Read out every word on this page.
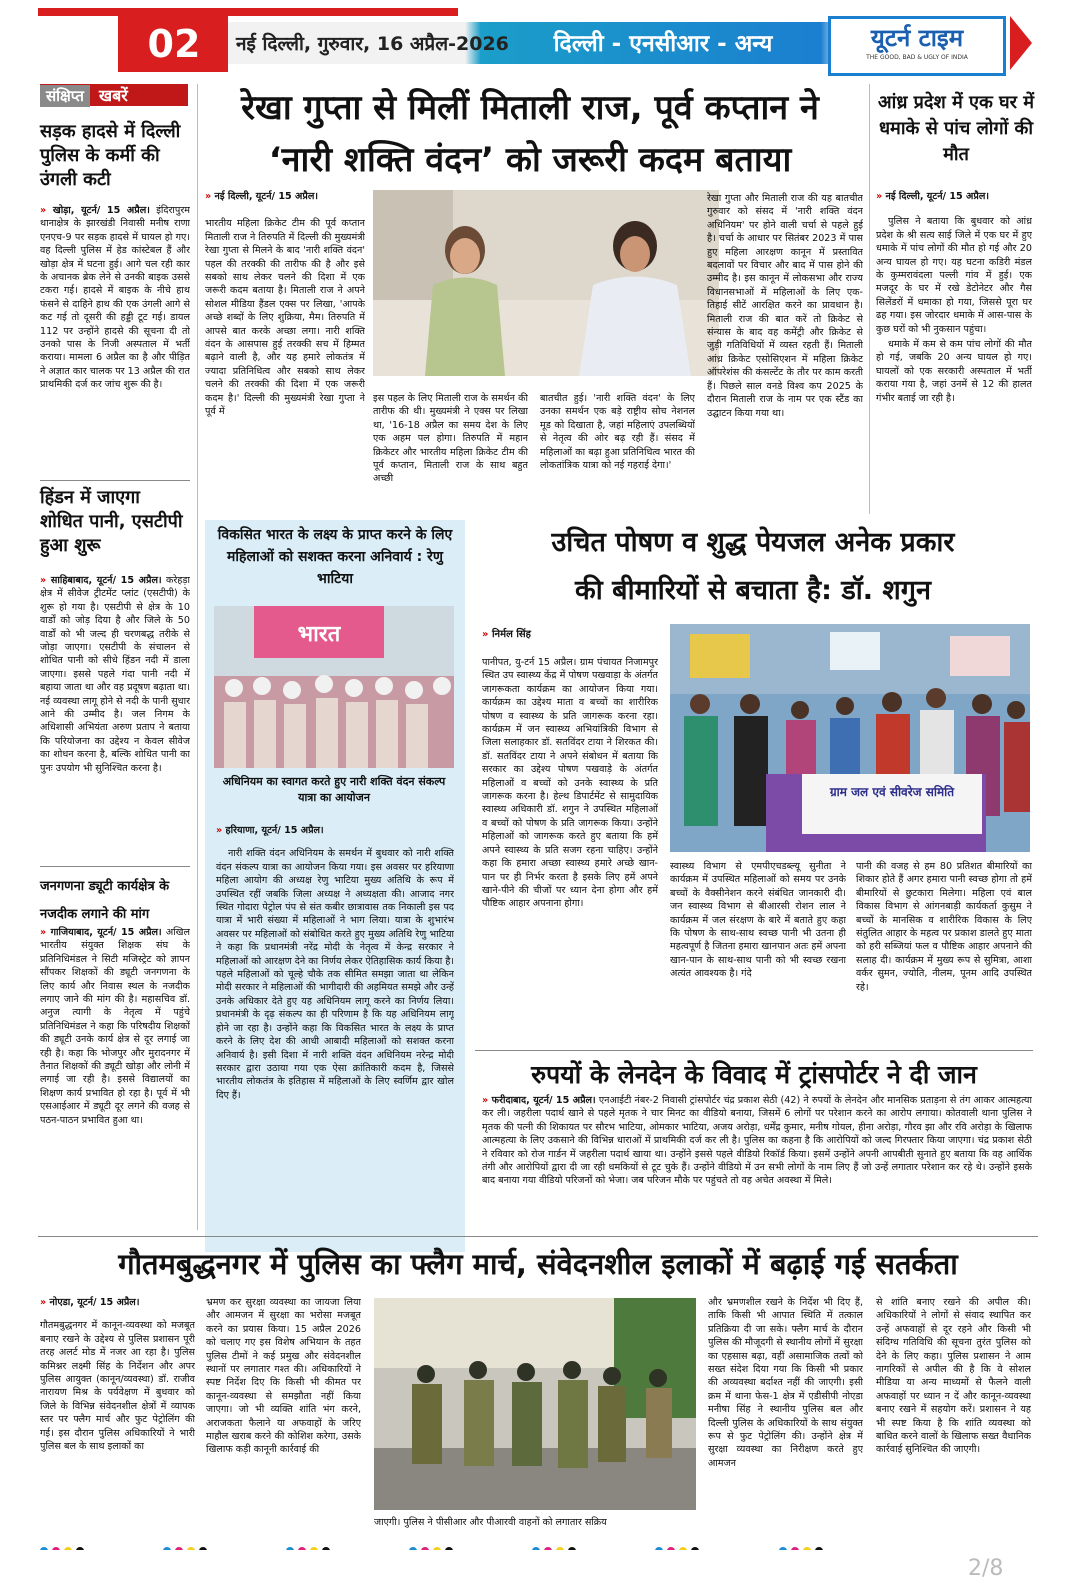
02	नई दिल्ली, गुरुवार, 16 अप्रैल-2026	दिल्ली - एनसीआर - अन्य	यूटर्न टाइम
THE GOOD, BAD & UGLY OF INDIA
संक्षिप्त खबरें
सड़क हादसे में दिल्ली पुलिस के कर्मी की उंगली कटी
» खोड़ा, यूटर्न/ 15 अप्रैल। इंदिरापुरम थानाक्षेत्र के झारखंडी निवासी मनीष राणा एनएच-9 पर सड़क हादसे में घायल हो गए। वह दिल्ली पुलिस में हेड कांस्टेबल हैं और खोड़ा क्षेत्र में घटना हुई। आगे चल रही कार के अचानक ब्रेक लेने से उनकी बाइक उससे टकरा गई। हादसे में बाइक के नीचे हाथ फंसने से दाहिने हाथ की एक उंगली आगे से कट गई तो दूसरी की हड्डी टूट गई। डायल 112 पर उन्होंने हादसे की सूचना दी तो उनको पास के निजी अस्पताल में भर्ती कराया। मामला 6 अप्रैल का है और पीड़ित ने अज्ञात कार चालक पर 13 अप्रैल की रात प्राथमिकी दर्ज कर जांच शुरू की है।
हिंडन में जाएगा शोधित पानी, एसटीपी हुआ शुरू
» साहिबाबाद, यूटर्न/ 15 अप्रैल। करेहड़ा क्षेत्र में सीवेज ट्रीटमेंट प्लांट (एसटीपी) के शुरू हो गया है। एसटीपी से क्षेत्र के 10 वार्डों को जोड़ दिया है और जिले के 50 वार्डों को भी जल्द ही चरणबद्ध तरीके से जोड़ा जाएगा। एसटीपी के संचालन से शोधित पानी को सीधे हिंडन नदी में डाला जाएगा। इससे पहले गंदा पानी नदी में बहाया जाता था और वह प्रदूषण बढ़ाता था। नई व्यवस्था लागू होने से नदी के पानी सुधार आने की उम्मीद है। जल निगम के अधिशासी अभियंता अरुण प्रताप ने बताया कि परियोजना का उद्देश्य न केवल सीवेज का शोधन करना है, बल्कि शोधित पानी का पुनः उपयोग भी सुनिश्चित करना है।
जनगणना ड्यूटी कार्यक्षेत्र के
नजदीक लगाने की मांग
» गाजियाबाद, यूटर्न/ 15 अप्रैल। अखिल भारतीय संयुक्त शिक्षक संघ के प्रतिनिधिमंडल ने सिटी मजिस्ट्रेट को ज्ञापन सौंपकर शिक्षकों की ड्यूटी जनगणना के लिए कार्य और निवास स्थल के नजदीक लगाए जाने की मांग की है। महासचिव डॉ. अनुज त्यागी के नेतृत्व में पहुंचे प्रतिनिधिमंडल ने कहा कि परिषदीय शिक्षकों की ड्यूटी उनके कार्य क्षेत्र से दूर लगाई जा रही है। कहा कि भोजपुर और मुरादनगर में तैनात शिक्षकों की ड्यूटी खोड़ा और लोनी में लगाई जा रही है। इससे विद्यालयों का शिक्षण कार्य प्रभावित हो रहा है। पूर्व में भी एसआईआर में ड्यूटी दूर लगने की वजह से पठन-पाठन प्रभावित हुआ था।
रेखा गुप्ता से मिलीं मिताली राज, पूर्व कप्तान ने
‘नारी शक्ति वंदन’ को जरूरी कदम बताया
» नई दिल्ली, यूटर्न/ 15 अप्रैल।
भारतीय महिला क्रिकेट टीम की पूर्व कप्तान मिताली राज ने तिरुपति में दिल्ली की मुख्यमंत्री रेखा गुप्ता से मिलने के बाद 'नारी शक्ति वंदन' पहल की तरक्की की तारीफ की है और इसे सबको साथ लेकर चलने की दिशा में एक जरूरी कदम बताया है। मिताली राज ने अपने सोशल मीडिया हैंडल एक्स पर लिखा, 'आपके अच्छे शब्दों के लिए शुक्रिया, मैम। तिरुपति में आपसे बात करके अच्छा लगा। नारी शक्ति वंदन के आसपास हुई तरक्की सच में हिम्मत बढ़ाने वाली है, और यह हमारे लोकतंत्र में ज्यादा प्रतिनिधित्व और सबको साथ लेकर चलने की तरक्की की दिशा में एक जरूरी कदम है।' दिल्ली की मुख्यमंत्री रेखा गुप्ता ने पूर्व में
इस पहल के लिए मिताली राज के समर्थन की तारीफ की थी। मुख्यमंत्री ने एक्स पर लिखा था, '16-18 अप्रैल का समय देश के लिए एक अहम पल होगा। तिरुपति में महान क्रिकेटर और भारतीय महिला क्रिकेट टीम की पूर्व कप्तान, मिताली राज के साथ बहुत अच्छी
बातचीत हुई। 'नारी शक्ति वंदन' के लिए उनका समर्थन एक बड़े राष्ट्रीय सोच नेशनल मूड को दिखाता है, जहां महिलाएं उपलब्धियों से नेतृत्व की ओर बढ़ रही हैं। संसद में महिलाओं का बढ़ा हुआ प्रतिनिधित्व भारत की लोकतांत्रिक यात्रा को नई गहराई देगा।'
रेखा गुप्ता और मिताली राज की यह बातचीत गुरुवार को संसद में 'नारी शक्ति वंदन अधिनियम' पर होने वाली चर्चा से पहले हुई है। चर्चा के आधार पर सितंबर 2023 में पास हुए महिला आरक्षण कानून में प्रस्तावित बदलावों पर विचार और बाद में पास होने की उम्मीद है। इस कानून में लोकसभा और राज्य विधानसभाओं में महिलाओं के लिए एक-तिहाई सीटें आरक्षित करने का प्रावधान है। मिताली राज की बात करें तो क्रिकेट से संन्यास के बाद वह कमेंट्री और क्रिकेट से जुड़ी गतिविधियों में व्यस्त रहती हैं। मिताली आंध्र क्रिकेट एसोसिएशन में महिला क्रिकेट ऑपरेशंस की कंसल्टेंट के तौर पर काम करती हैं। पिछले साल वनडे विश्व कप 2025 के दौरान मिताली राज के नाम पर एक स्टैंड का उद्घाटन किया गया था।
आंध्र प्रदेश में एक घर में धमाके से पांच लोगों की मौत
» नई दिल्ली, यूटर्न/ 15 अप्रैल।

पुलिस ने बताया कि बुधवार को आंध्र प्रदेश के श्री सत्य साई जिले में एक घर में हुए धमाके में पांच लोगों की मौत हो गई और 20 अन्य घायल हो गए। यह घटना कडिरी मंडल के कुम्मरावंदला पल्ली गांव में हुई। एक मजदूर के घर में रखे डेटोनेटर और गैस सिलेंडरों में धमाका हो गया, जिससे पूरा घर ढह गया। इस जोरदार धमाके में आस-पास के कुछ घरों को भी नुकसान पहुंचा।

धमाके में कम से कम पांच लोगों की मौत हो गई, जबकि 20 अन्य घायल हो गए। घायलों को एक सरकारी अस्पताल में भर्ती कराया गया है, जहां उनमें से 12 की हालत गंभीर बताई जा रही है।

विकसित भारत के लक्ष्य के प्राप्त करने के लिए महिलाओं को सशक्त करना अनिवार्य : रेणु भाटिया
भारत
अधिनियम का स्वागत करते हुए नारी शक्ति वंदन संकल्प यात्रा का आयोजन
» हरियाणा, यूटर्न/ 15 अप्रैल।

नारी शक्ति वंदन अधिनियम के समर्थन में बुधवार को नारी शक्ति वंदन संकल्प यात्रा का आयोजन किया गया। इस अवसर पर हरियाणा महिला आयोग की अध्यक्ष रेणु भाटिया मुख्य अतिथि के रूप में उपस्थित रहीं जबकि जिला अध्यक्ष ने अध्यक्षता की। आजाद नगर स्थित गोदारा पेट्रोल पंप से संत कबीर छात्रावास तक निकाली इस पद यात्रा में भारी संख्या में महिलाओं ने भाग लिया। यात्रा के शुभारंभ अवसर पर महिलाओं को संबोधित करते हुए मुख्य अतिथि रेणु भाटिया ने कहा कि प्रधानमंत्री नरेंद्र मोदी के नेतृत्व में केन्द्र सरकार ने महिलाओं को आरक्षण देने का निर्णय लेकर ऐतिहासिक कार्य किया है। पहले महिलाओं को चूल्हे चौके तक सीमित समझा जाता था लेकिन मोदी सरकार ने महिलाओं की भागीदारी की अहमियत समझे और उन्हें उनके अधिकार देते हुए यह अधिनियम लागू करने का निर्णय लिया। प्रधानमंत्री के दृढ़ संकल्प का ही परिणाम है कि यह अधिनियम लागू होने जा रहा है। उन्होंने कहा कि विकसित भारत के लक्ष्य के प्राप्त करने के लिए देश की आधी आबादी महिलाओं को सशक्त करना अनिवार्य है। इसी दिशा में नारी शक्ति वंदन अधिनियम नरेन्द्र मोदी सरकार द्वारा उठाया गया एक ऐसा क्रांतिकारी कदम है, जिससे भारतीय लोकतंत्र के इतिहास में महिलाओं के लिए स्वर्णिम द्वार खोल दिए हैं।

उचित पोषण व शुद्ध पेयजल अनेक प्रकार
की बीमारियों से बचाता है: डॉ. शगुन
» निर्मल सिंह
पानीपत, यु-टर्न 15 अप्रैल। ग्राम पंचायत निजामपुर स्थित उप स्वास्थ्य केंद्र में पोषण पखवाड़ा के अंतर्गत जागरूकता कार्यक्रम का आयोजन किया गया। कार्यक्रम का उद्देश्य माता व बच्चों का शारीरिक पोषण व स्वास्थ्य के प्रति जागरूक करना रहा। कार्यक्रम में जन स्वास्थ्य अभियांत्रिकी विभाग से जिला सलाहकार डॉ. सतविंदर टाया ने शिरकत की। डॉ. सतविंदर टाया ने अपने संबोधन में बताया कि सरकार का उद्देश्य पोषण पखवाड़े के अंतर्गत महिलाओं व बच्चों को उनके स्वास्थ्य के प्रति जागरूक करना है। हेल्थ डिपार्टमेंट से सामुदायिक स्वास्थ्य अधिकारी डॉ. शगुन ने उपस्थित महिलाओं व बच्चों को पोषण के प्रति जागरूक किया। उन्होंने महिलाओं को जागरूक करते हुए बताया कि हमें अपने स्वास्थ्य के प्रति सजग रहना चाहिए। उन्होंने कहा कि हमारा अच्छा स्वास्थ्य हमारे अच्छे खान-पान पर ही निर्भर करता है इसके लिए हमें अपने खाने-पीने की चीजों पर ध्यान देना होगा और हमें पौष्टिक आहार अपनाना होगा।
ग्राम जल एवं सीवरेज समिति
स्वास्थ्य विभाग से एमपीएचडब्ल्यू सुनीता ने कार्यक्रम में उपस्थित महिलाओं को समय पर उनके बच्चों के वैक्सीनेशन करने संबंधित जानकारी दी। जन स्वास्थ्य विभाग से बीआरसी रोशन लाल ने कार्यक्रम में जल संरक्षण के बारे में बताते हुए कहा कि पोषण के साथ-साथ स्वच्छ पानी भी उतना ही महत्वपूर्ण है जितना हमारा खानपान अतः हमें अपना खान-पान के साथ-साथ पानी को भी स्वच्छ रखना अत्यंत आवश्यक है। गंदे
पानी की वजह से हम 80 प्रतिशत बीमारियों का शिकार होते हैं अगर हमारा पानी स्वच्छ होगा तो हमें बीमारियों से छुटकारा मिलेगा। महिला एवं बाल विकास विभाग से आंगनबाड़ी कार्यकर्ता कुसुम ने बच्चों के मानसिक व शारीरिक विकास के लिए संतुलित आहार के महत्व पर प्रकाश डालते हुए माता को हरी सब्जियां फल व पौष्टिक आहार अपनाने की सलाह दी। कार्यक्रम में मुख्य रूप से सुमित्रा, आशा वर्कर सुमन, ज्योति, नीलम, पूनम आदि उपस्थित रहे।
रुपयों के लेनदेन के विवाद में ट्रांसपोर्टर ने दी जान
» फरीदाबाद, यूटर्न/ 15 अप्रैल। एनआईटी नंबर-2 निवासी ट्रांसपोर्टर चंद्र प्रकाश सेठी (42) ने रुपयों के लेनदेन और मानसिक प्रताड़ना से तंग आकर आत्महत्या कर ली। जहरीला पदार्थ खाने से पहले मृतक ने चार मिनट का वीडियो बनाया, जिसमें 6 लोगों पर परेशान करने का आरोप लगाया। कोतवाली थाना पुलिस ने मृतक की पत्नी की शिकायत पर सौरभ भाटिया, ओमकार भाटिया, अजय अरोड़ा, धर्मेंद्र कुमार, मनीष गोयल, हीना अरोड़ा, गौरव झा और रवि अरोड़ा के खिलाफ आत्महत्या के लिए उकसाने की विभिन्न धाराओं में प्राथमिकी दर्ज कर ली है। पुलिस का कहना है कि आरोपियों को जल्द गिरफ्तार किया जाएगा। चंद्र प्रकाश सेठी ने रविवार को रोज गार्डन में जहरीला पदार्थ खाया था। उन्होंने इससे पहले वीडियो रिकॉर्ड किया। इसमें उन्होंने अपनी आपबीती सुनाते हुए बताया कि वह आर्थिक तंगी और आरोपियों द्वारा दी जा रही धमकियों से टूट चुके हैं। उन्होंने वीडियो में उन सभी लोगों के नाम लिए हैं जो उन्हें लगातार परेशान कर रहे थे। उन्होंने इसके बाद बनाया गया वीडियो परिजनों को भेजा। जब परिजन मौके पर पहुंचते तो वह अचेत अवस्था में मिले।
गौतमबुद्धनगर में पुलिस का फ्लैग मार्च, संवेदनशील इलाकों में बढ़ाई गई सतर्कता
» नोएडा, यूटर्न/ 15 अप्रैल।
गौतमबुद्धनगर में कानून-व्यवस्था को मजबूत बनाए रखने के उद्देश्य से पुलिस प्रशासन पूरी तरह अलर्ट मोड में नजर आ रहा है। पुलिस कमिश्नर लक्ष्मी सिंह के निर्देशन और अपर पुलिस आयुक्त (कानून/व्यवस्था) डॉ. राजीव नारायण मिश्र के पर्यवेक्षण में बुधवार को जिले के विभिन्न संवेदनशील क्षेत्रों में व्यापक स्तर पर फ्लैग मार्च और फुट पेट्रोलिंग की गई। इस दौरान पुलिस अधिकारियों ने भारी पुलिस बल के साथ इलाकों का
भ्रमण कर सुरक्षा व्यवस्था का जायजा लिया और आमजन में सुरक्षा का भरोसा मजबूत करने का प्रयास किया। 15 अप्रैल 2026 को चलाए गए इस विशेष अभियान के तहत पुलिस टीमों ने कई प्रमुख और संवेदनशील स्थानों पर लगातार गश्त की। अधिकारियों ने स्पष्ट निर्देश दिए कि किसी भी कीमत पर कानून-व्यवस्था से समझौता नहीं किया जाएगा। जो भी व्यक्ति शांति भंग करने, अराजकता फैलाने या अफवाहों के जरिए माहौल खराब करने की कोशिश करेगा, उसके खिलाफ कड़ी कानूनी कार्रवाई की
जाएगी। पुलिस ने पीसीआर और पीआरवी वाहनों को लगातार सक्रिय
और भ्रमणशील रखने के निर्देश भी दिए हैं, ताकि किसी भी आपात स्थिति में तत्काल प्रतिक्रिया दी जा सके। फ्लैग मार्च के दौरान पुलिस की मौजूदगी से स्थानीय लोगों में सुरक्षा का एहसास बढ़ा, वहीं असामाजिक तत्वों को सख्त संदेश दिया गया कि किसी भी प्रकार की अव्यवस्था बर्दाश्त नहीं की जाएगी। इसी क्रम में थाना फेस-1 क्षेत्र में एडीसीपी नोएडा मनीषा सिंह ने स्थानीय पुलिस बल और दिल्ली पुलिस के अधिकारियों के साथ संयुक्त रूप से फुट पेट्रोलिंग की। उन्होंने क्षेत्र में सुरक्षा व्यवस्था का निरीक्षण करते हुए आमजन
से शांति बनाए रखने की अपील की। अधिकारियों ने लोगों से संवाद स्थापित कर उन्हें अफवाहों से दूर रहने और किसी भी संदिग्ध गतिविधि की सूचना तुरंत पुलिस को देने के लिए कहा। पुलिस प्रशासन ने आम नागरिकों से अपील की है कि वे सोशल मीडिया या अन्य माध्यमों से फैलने वाली अफवाहों पर ध्यान न दें और कानून-व्यवस्था बनाए रखने में सहयोग करें। प्रशासन ने यह भी स्पष्ट किया है कि शांति व्यवस्था को बाधित करने वालों के खिलाफ सख्त वैधानिक कार्रवाई सुनिश्चित की जाएगी।

2/8
